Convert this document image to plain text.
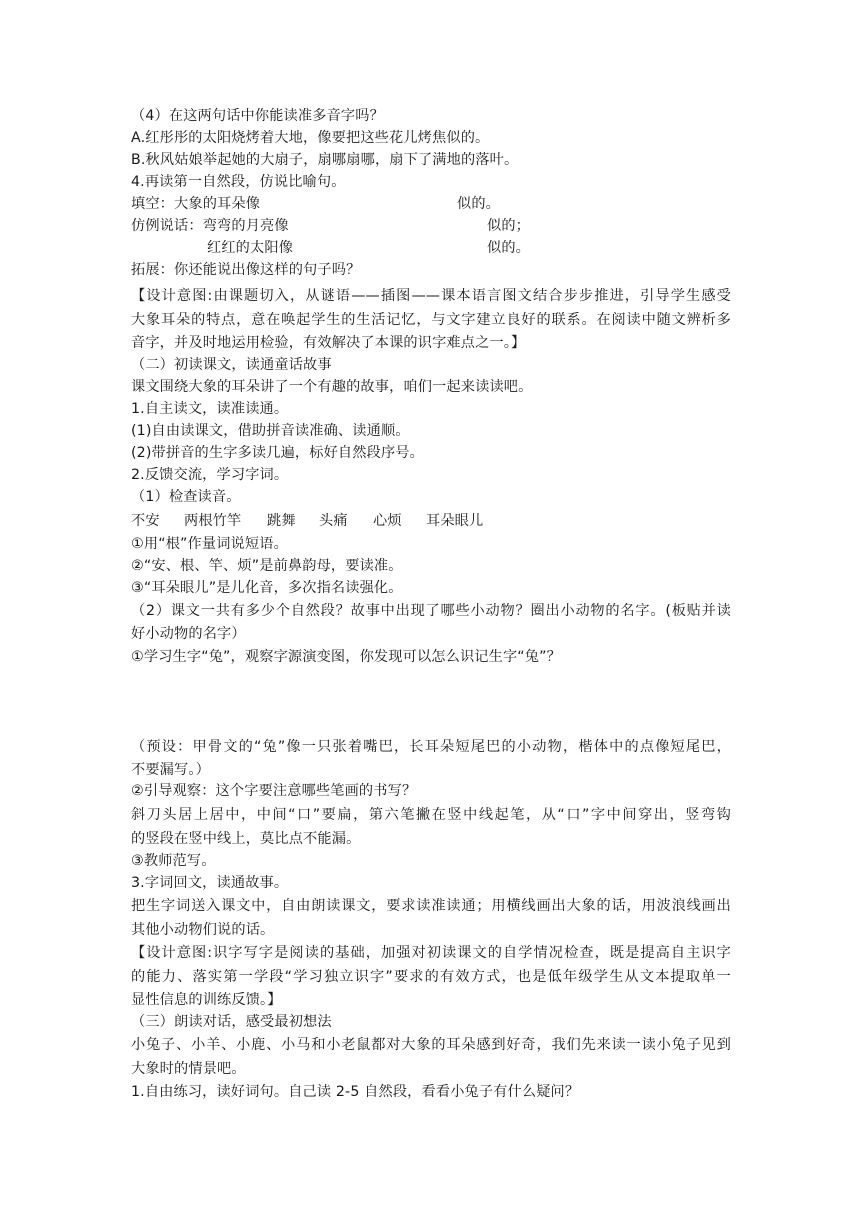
（4）在这两句话中你能读准多音字吗？
A.红彤彤的太阳烧烤着大地，像要把这些花儿烤焦似的。
B.秋风姑娘举起她的大扇子，扇哪扇哪，扇下了满地的落叶。
4.再读第一自然段，仿说比喻句。
填空：大象的耳朵像	似的。
仿例说话：弯弯的月亮像	似的；
红红的太阳像	似的。
拓展：你还能说出像这样的句子吗？
【设计意图:由课题切入，从谜语——插图——课本语言图文结合步步推进，引导学生感受
大象耳朵的特点，意在唤起学生的生活记忆，与文字建立良好的联系。在阅读中随文辨析多
音字，并及时地运用检验，有效解决了本课的识字难点之一。】
（二）初读课文，读通童话故事
课文围绕大象的耳朵讲了一个有趣的故事，咱们一起来读读吧。
1.自主读文，读准读通。
(1)自由读课文，借助拼音读准确、读通顺。
(2)带拼音的生字多读几遍，标好自然段序号。
2.反馈交流，学习字词。
（1）检查读音。
不安 两根竹竿 跳舞 头痛 心烦 耳朵眼儿
①用“根”作量词说短语。
②“安、根、竿、烦”是前鼻韵母，要读准。
③“耳朵眼儿”是儿化音，多次指名读强化。
（2）课文一共有多少个自然段？故事中出现了哪些小动物？圈出小动物的名字。(板贴并读
好小动物的名字）
①学习生字“兔”，观察字源演变图，你发现可以怎么识记生字“兔”？
（预设：甲骨文的“兔”像一只张着嘴巴，长耳朵短尾巴的小动物，楷体中的点像短尾巴，
不要漏写。）
②引导观察：这个字要注意哪些笔画的书写？
斜刀头居上居中，中间“口”要扁，第六笔撇在竖中线起笔，从“口”字中间穿出，竖弯钩
的竖段在竖中线上，莫比点不能漏。
③教师范写。
3.字词回文，读通故事。
把生字词送入课文中，自由朗读课文，要求读准读通；用横线画出大象的话，用波浪线画出
其他小动物们说的话。
【设计意图:识字写字是阅读的基础，加强对初读课文的自学情况检查，既是提高自主识字
的能力、落实第一学段“学习独立识字”要求的有效方式，也是低年级学生从文本提取单一
显性信息的训练反馈。】
（三）朗读对话，感受最初想法
小兔子、小羊、小鹿、小马和小老鼠都对大象的耳朵感到好奇，我们先来读一读小兔子见到
大象时的情景吧。
1.自由练习，读好词句。自己读 2-5 自然段，看看小兔子有什么疑问？
